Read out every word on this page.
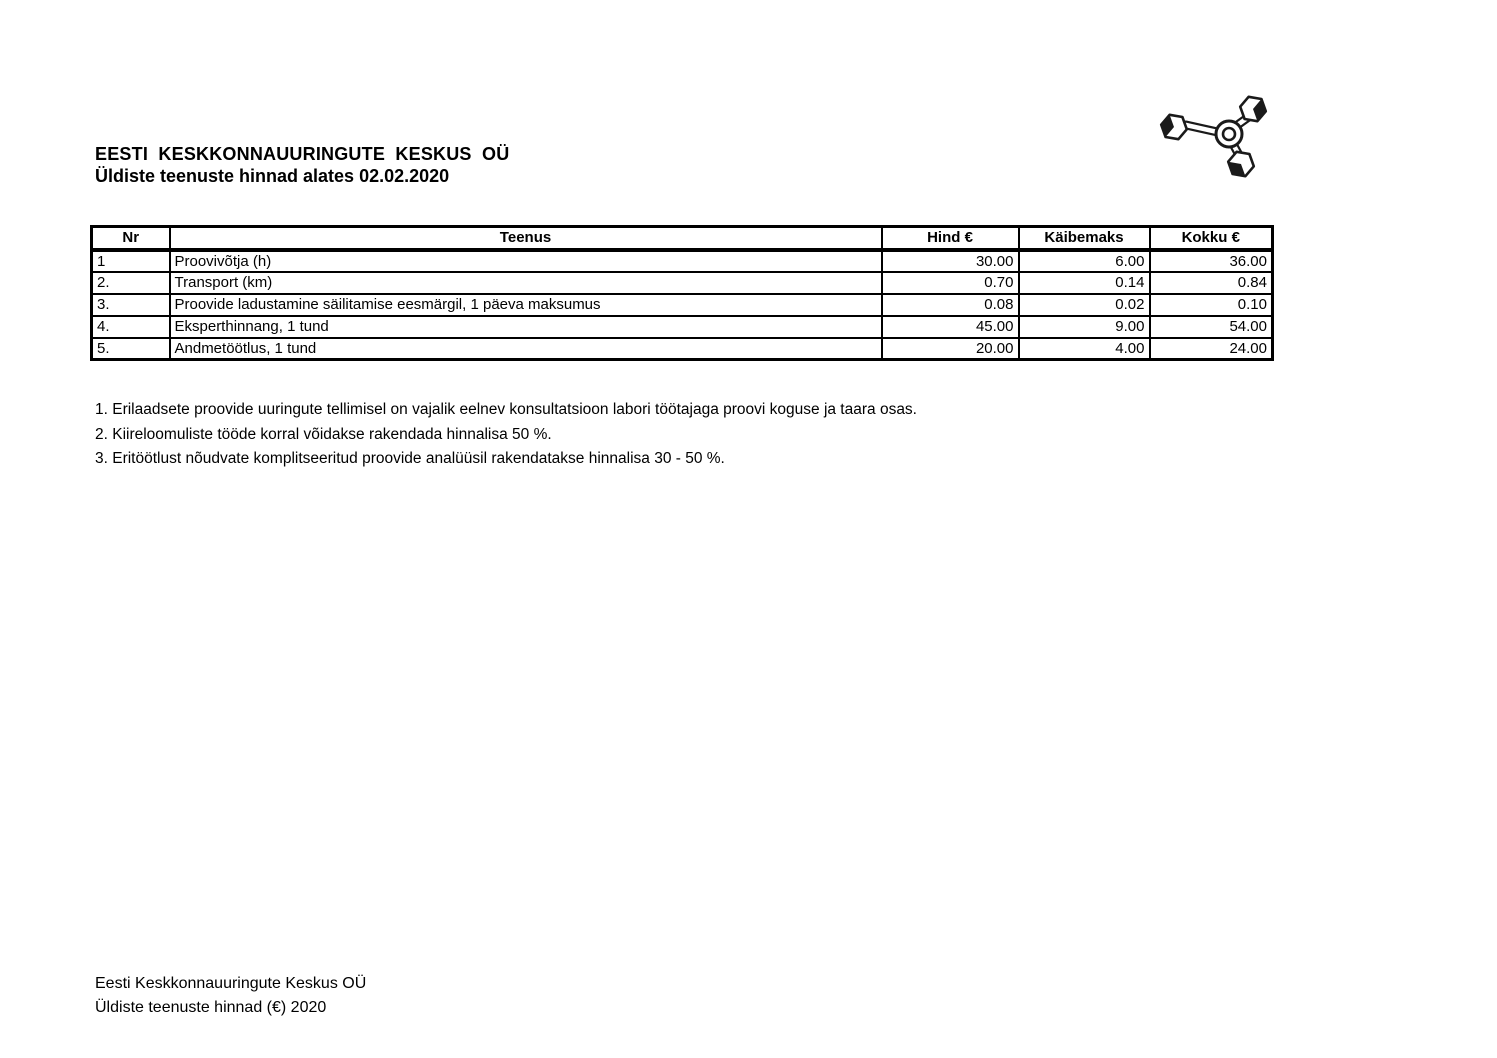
EESTI  KESKKONNAUURINGUTE  KESKUS  OÜ
Üldiste teenuste hinnad alates 02.02.2020
Nr	Teenus	Hind €	Käibemaks	Kokku €
1	Proovivõtja (h)	30.00	6.00	36.00
2.	Transport (km)	0.70	0.14	0.84
3.	Proovide ladustamine säilitamise eesmärgil, 1 päeva maksumus	0.08	0.02	0.10
4.	Eksperthinnang, 1 tund	45.00	9.00	54.00
5.	Andmetöötlus, 1 tund	20.00	4.00	24.00

1. Erilaadsete proovide uuringute tellimisel on vajalik eelnev konsultatsioon labori töötajaga proovi koguse ja taara osas.

2. Kiireloomuliste tööde korral võidakse rakendada hinnalisa 50 %.

3. Eritöötlust nõudvate komplitseeritud proovide analüüsil rakendatakse hinnalisa 30 - 50 %.

Eesti Keskkonnauuringute Keskus OÜ
Üldiste teenuste hinnad (€) 2020
